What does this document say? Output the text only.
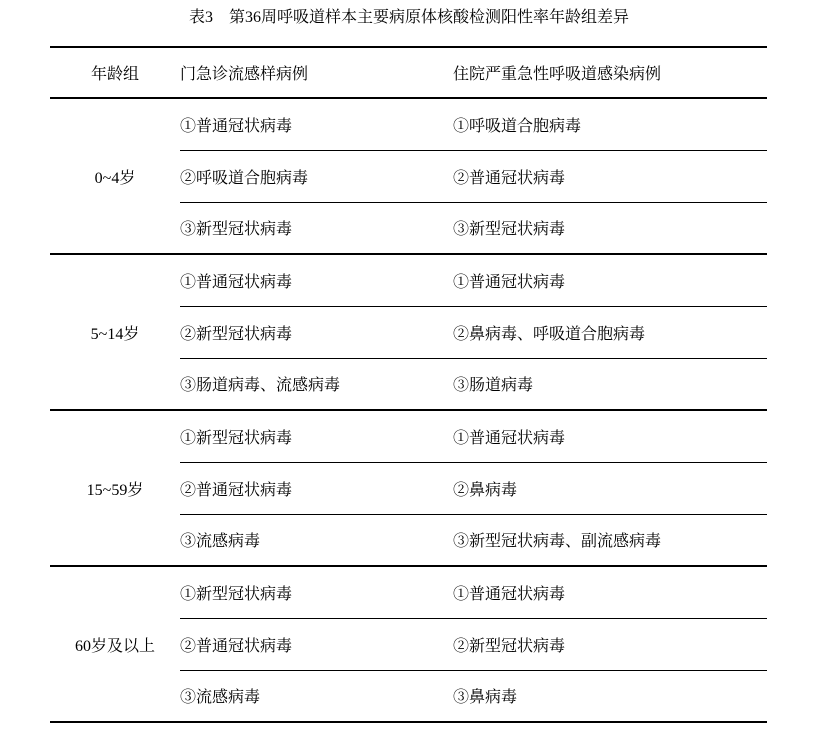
表3　第36周呼吸道样本主要病原体核酸检测阳性率年龄组差异
年龄组	门急诊流感样病例	住院严重急性呼吸道感染病例
0~4岁	①普通冠状病毒	①呼吸道合胞病毒
	②呼吸道合胞病毒	②普通冠状病毒
	③新型冠状病毒	③新型冠状病毒
5~14岁	①普通冠状病毒	①普通冠状病毒
	②新型冠状病毒	②鼻病毒、呼吸道合胞病毒
	③肠道病毒、流感病毒	③肠道病毒
15~59岁	①新型冠状病毒	①普通冠状病毒
	②普通冠状病毒	②鼻病毒
	③流感病毒	③新型冠状病毒、副流感病毒
60岁及以上	①新型冠状病毒	①普通冠状病毒
	②普通冠状病毒	②新型冠状病毒
	③流感病毒	③鼻病毒
